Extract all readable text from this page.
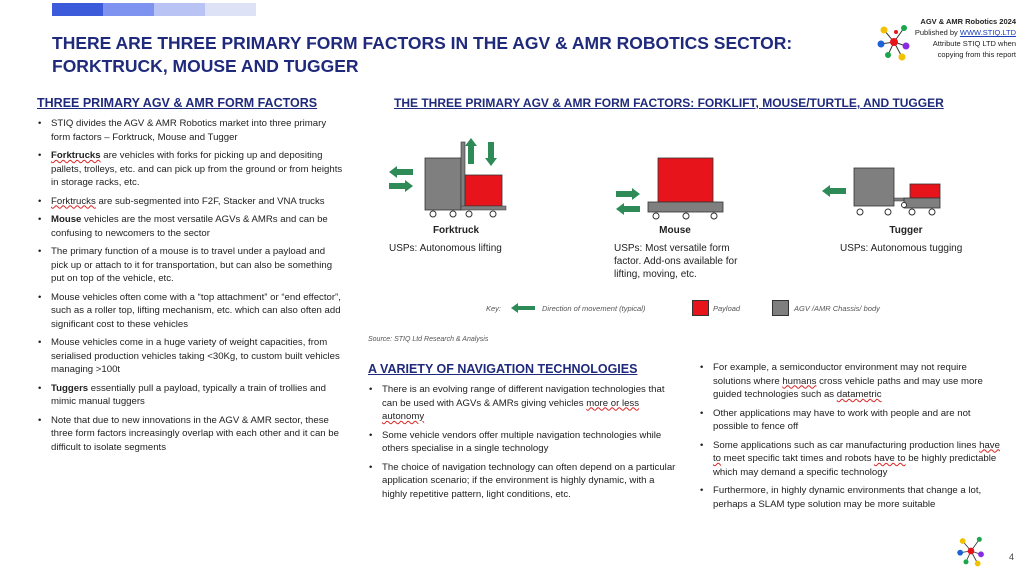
THERE ARE THREE PRIMARY FORM FACTORS IN THE AGV & AMR ROBOTICS SECTOR: FORKTRUCK, MOUSE AND TUGGER
AGV & AMR Robotics 2024
Published by WWW.STIQ.LTD
Attribute STIQ LTD when
copying from this report
THREE PRIMARY AGV & AMR FORM FACTORS
• STIQ divides the AGV & AMR Robotics market into three primary form factors – Forktruck, Mouse and Tugger
• Forktrucks are vehicles with forks for picking up and depositing pallets, trolleys, etc. and can pick up from the ground or from heights in storage racks, etc.
• Forktrucks are sub-segmented into F2F, Stacker and VNA trucks
• Mouse vehicles are the most versatile AGVs & AMRs and can be confusing to newcomers to the sector
• The primary function of a mouse is to travel under a payload and pick up or attach to it for transportation, but can also be something put on top of the vehicle, etc.
• Mouse vehicles often come with a “top attachment” or “end effector”, such as a roller top, lifting mechanism, etc. which can also often add significant cost to these vehicles
• Mouse vehicles come in a huge variety of weight capacities, from serialised production vehicles taking <30Kg, to custom built vehicles managing >100t
• Tuggers essentially pull a payload, typically a train of trollies and mimic manual tuggers
• Note that due to new innovations in the AGV & AMR sector, these three form factors increasingly overlap with each other and it can be difficult to isolate segments
THE THREE PRIMARY AGV & AMR FORM FACTORS: FORKLIFT, MOUSE/TURTLE, AND TUGGER
Forktruck
USPs: Autonomous lifting
Mouse
USPs: Most versatile form factor. Add-ons available for lifting, moving, etc.
Tugger
USPs: Autonomous tugging
Key:	Direction of movement (typical)	Payload	AGV /AMR Chassis/ body
Source: STIQ Ltd Research & Analysis
A VARIETY OF NAVIGATION TECHNOLOGIES
• There is an evolving range of different navigation technologies that can be used with AGVs & AMRs giving vehicles more or less autonomy
• Some vehicle vendors offer multiple navigation technologies while others specialise in a single technology
• The choice of navigation technology can often depend on a particular application scenario; if the environment is highly dynamic, with a highly repetitive pattern, light conditions, etc.
• For example, a semiconductor environment may not require solutions where humans cross vehicle paths and may use more guided technologies such as datametric
• Other applications may have to work with people and are not possible to fence off
• Some applications such as car manufacturing production lines have to meet specific takt times and robots have to be highly predictable which may demand a specific technology
• Furthermore, in highly dynamic environments that change a lot, perhaps a SLAM type solution may be more suitable
4
